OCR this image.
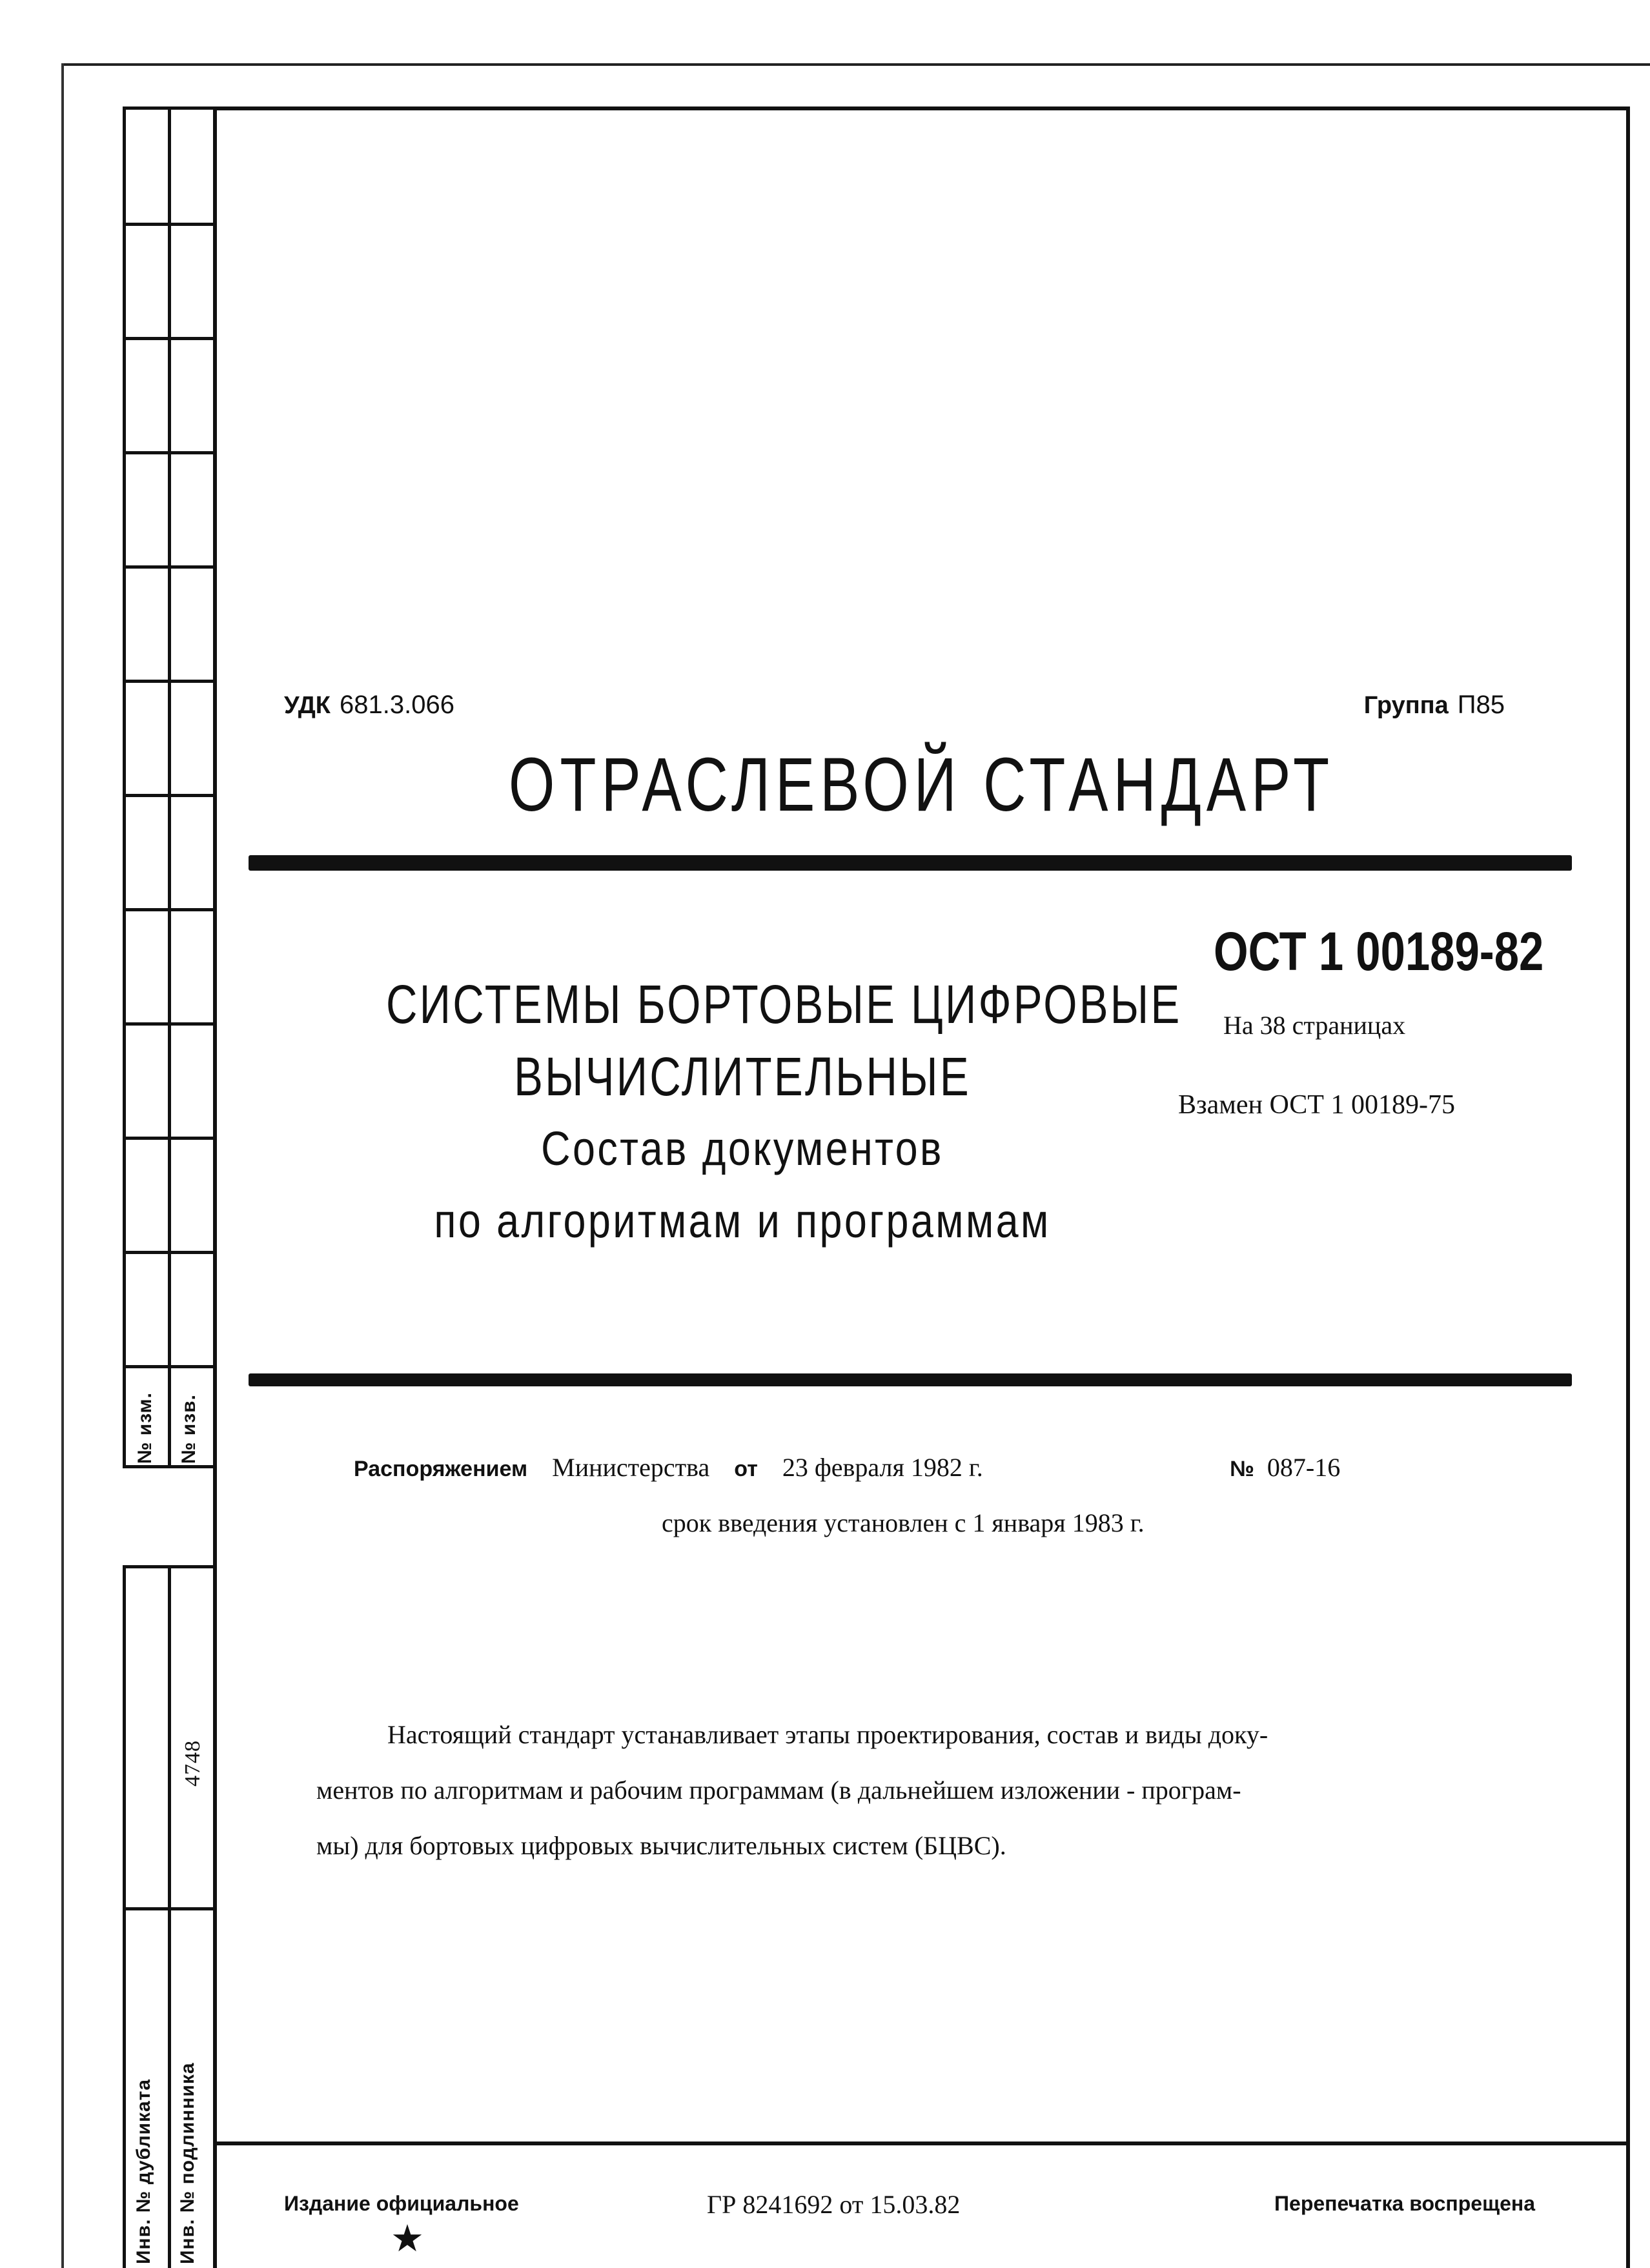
№ изм. № изв.
4748
Инв. № дубликата Инв. № подлинника
УДК 681.3.066	Группа П85
ОТРАСЛЕВОЙ СТАНДАРТ
ОСТ 1 00189-82
На 38 страницах
Взамен ОСТ 1 00189-75
СИСТЕМЫ БОРТОВЫЕ ЦИФРОВЫЕ
ВЫЧИСЛИТЕЛЬНЫЕ
Состав документов
по алгоритмам и программам
Распоряжением Министерства от 23 февраля 1982 г.	№ 087-16
срок введения установлен с 1 января 1983 г.
Настоящий стандарт устанавливает этапы проектирования, состав и виды доку-
ментов по алгоритмам и рабочим программам (в дальнейшем изложении - програм-
мы) для бортовых цифровых вычислительных систем (БЦВС).
Издание официальное
★
ГР 8241692 от 15.03.82	Перепечатка воспрещена
